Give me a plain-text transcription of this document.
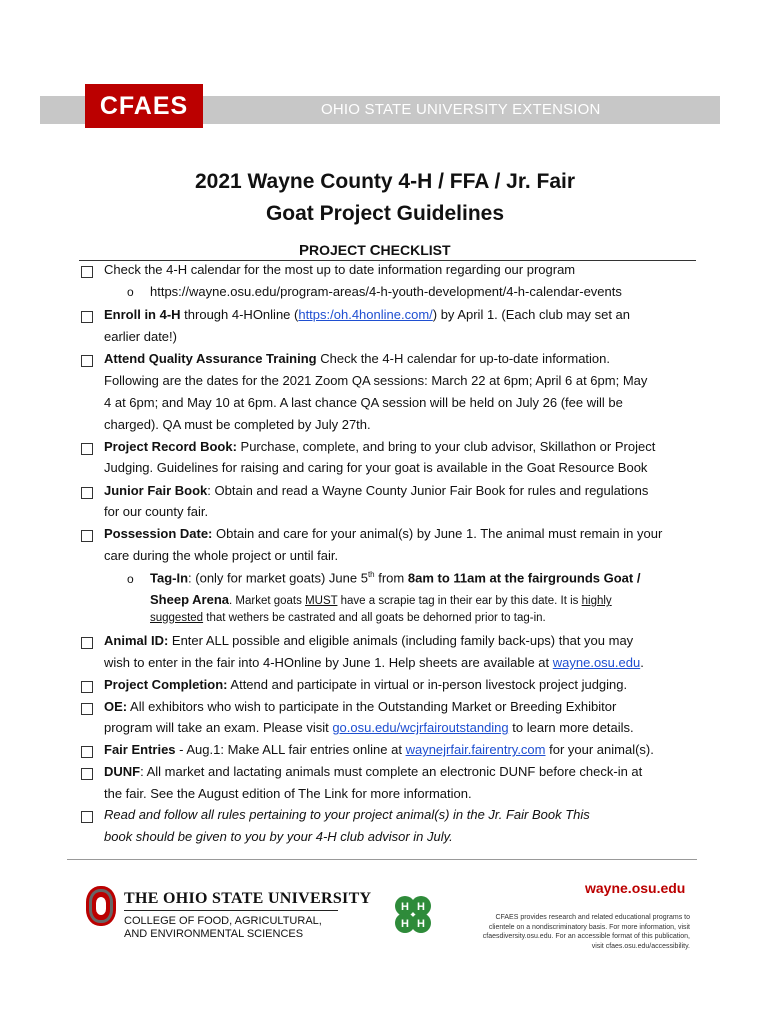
OHIO STATE UNIVERSITY EXTENSION
CFAES
2021 Wayne County 4-H / FFA / Jr. Fair
Goat Project Guidelines
PROJECT CHECKLIST
Check the 4-H calendar for the most up to date information regarding our program
o https://wayne.osu.edu/program-areas/4-h-youth-development/4-h-calendar-events
Enroll in 4-H through 4-HOnline (https:/oh.4honline.com/) by April 1. (Each club may set an
earlier date!)
Attend Quality Assurance Training Check the 4-H calendar for up-to-date information.
Following are the dates for the 2021 Zoom QA sessions: March 22 at 6pm; April 6 at 6pm; May
4 at 6pm; and May 10 at 6pm. A last chance QA session will be held on July 26 (fee will be
charged). QA must be completed by July 27th.
Project Record Book: Purchase, complete, and bring to your club advisor, Skillathon or Project
Judging. Guidelines for raising and caring for your goat is available in the Goat Resource Book
Junior Fair Book: Obtain and read a Wayne County Junior Fair Book for rules and regulations
for our county fair.
Possession Date: Obtain and care for your animal(s) by June 1. The animal must remain in your
care during the whole project or until fair.
o Tag-In: (only for market goats) June 5th from 8am to 11am at the fairgrounds Goat /
Sheep Arena. Market goats MUST have a scrapie tag in their ear by this date. It is highly
suggested that wethers be castrated and all goats be dehorned prior to tag-in.
Animal ID: Enter ALL possible and eligible animals (including family back-ups) that you may
wish to enter in the fair into 4-HOnline by June 1. Help sheets are available at wayne.osu.edu.
Project Completion: Attend and participate in virtual or in-person livestock project judging.
OE: All exhibitors who wish to participate in the Outstanding Market or Breeding Exhibitor
program will take an exam. Please visit go.osu.edu/wcjrfairoutstanding to learn more details.
Fair Entries - Aug.1: Make ALL fair entries online at waynejrfair.fairentry.com for your animal(s).
DUNF: All market and lactating animals must complete an electronic DUNF before check-in at
the fair. See the August edition of The Link for more information.
Read and follow all rules pertaining to your project animal(s) in the Jr. Fair Book This
book should be given to you by your 4-H club advisor in July.
THE OHIO STATE UNIVERSITY
COLLEGE OF FOOD, AGRICULTURAL,
AND ENVIRONMENTAL SCIENCES
H H
H H
wayne.osu.edu
CFAES provides research and related educational programs to clientele on a nondiscriminatory basis. For more information, visit cfaesdiversity.osu.edu. For an accessible format of this publication, visit cfaes.osu.edu/accessibility.
